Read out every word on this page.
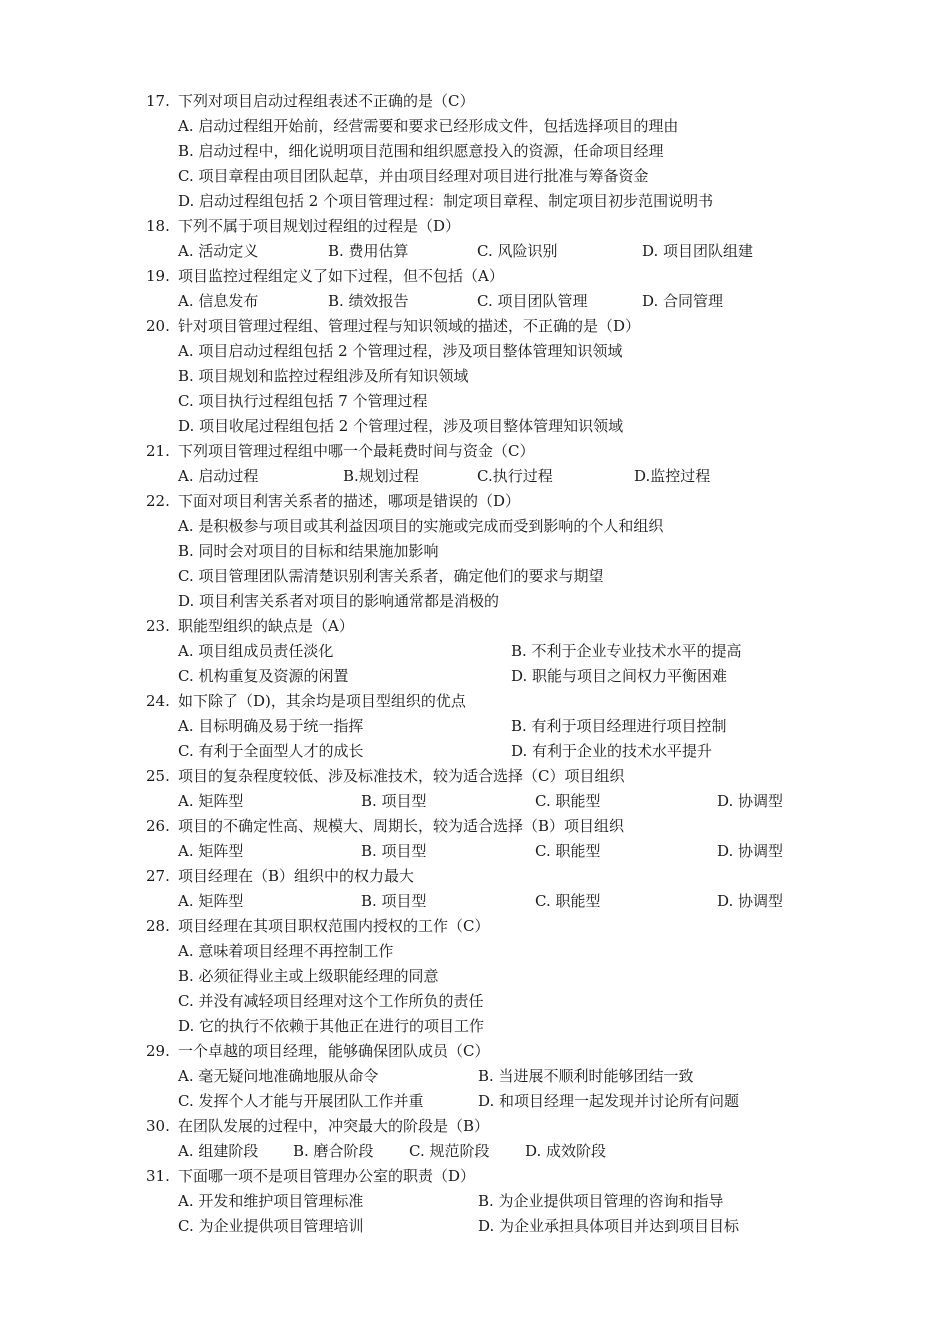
17. 下列对项目启动过程组表述不正确的是（C）
A. 启动过程组开始前，经营需要和要求已经形成文件，包括选择项目的理由
B. 启动过程中，细化说明项目范围和组织愿意投入的资源，任命项目经理
C. 项目章程由项目团队起草，并由项目经理对项目进行批准与筹备资金
D. 启动过程组包括 2 个项目管理过程：制定项目章程、制定项目初步范围说明书
18. 下列不属于项目规划过程组的过程是（D）
A. 活动定义	B. 费用估算	C. 风险识别	D. 项目团队组建
19. 项目监控过程组定义了如下过程，但不包括（A）
A. 信息发布	B. 绩效报告	C. 项目团队管理	D. 合同管理
20. 针对项目管理过程组、管理过程与知识领域的描述，不正确的是（D）
A. 项目启动过程组包括 2 个管理过程，涉及项目整体管理知识领域
B. 项目规划和监控过程组涉及所有知识领域
C. 项目执行过程组包括 7 个管理过程
D. 项目收尾过程组包括 2 个管理过程，涉及项目整体管理知识领域
21. 下列项目管理过程组中哪一个最耗费时间与资金（C）
A. 启动过程	B.规划过程	C.执行过程	D.监控过程
22. 下面对项目利害关系者的描述，哪项是错误的（D）
A. 是积极参与项目或其利益因项目的实施或完成而受到影响的个人和组织
B. 同时会对项目的目标和结果施加影响
C. 项目管理团队需清楚识别利害关系者，确定他们的要求与期望
D. 项目利害关系者对项目的影响通常都是消极的
23. 职能型组织的缺点是（A）
A. 项目组成员责任淡化	B. 不利于企业专业技术水平的提高
C. 机构重复及资源的闲置	D. 职能与项目之间权力平衡困难
24. 如下除了（D)，其余均是项目型组织的优点
A. 目标明确及易于统一指挥	B. 有利于项目经理进行项目控制
C. 有利于全面型人才的成长	D. 有利于企业的技术水平提升
25. 项目的复杂程度较低、涉及标准技术，较为适合选择（C）项目组织
A. 矩阵型	B. 项目型	C. 职能型	D. 协调型
26. 项目的不确定性高、规模大、周期长，较为适合选择（B）项目组织
A. 矩阵型	B. 项目型	C. 职能型	D. 协调型
27. 项目经理在（B）组织中的权力最大
A. 矩阵型	B. 项目型	C. 职能型	D. 协调型
28. 项目经理在其项目职权范围内授权的工作（C）
A. 意味着项目经理不再控制工作
B. 必须征得业主或上级职能经理的同意
C. 并没有减轻项目经理对这个工作所负的责任
D. 它的执行不依赖于其他正在进行的项目工作
29. 一个卓越的项目经理，能够确保团队成员（C）
A. 毫无疑问地准确地服从命令	B. 当进展不顺利时能够团结一致
C. 发挥个人才能与开展团队工作并重	D. 和项目经理一起发现并讨论所有问题
30. 在团队发展的过程中，冲突最大的阶段是（B）
A. 组建阶段 B. 磨合阶段 C. 规范阶段 D. 成效阶段
31. 下面哪一项不是项目管理办公室的职责（D）
A. 开发和维护项目管理标准	B. 为企业提供项目管理的咨询和指导
C. 为企业提供项目管理培训	D. 为企业承担具体项目并达到项目目标
